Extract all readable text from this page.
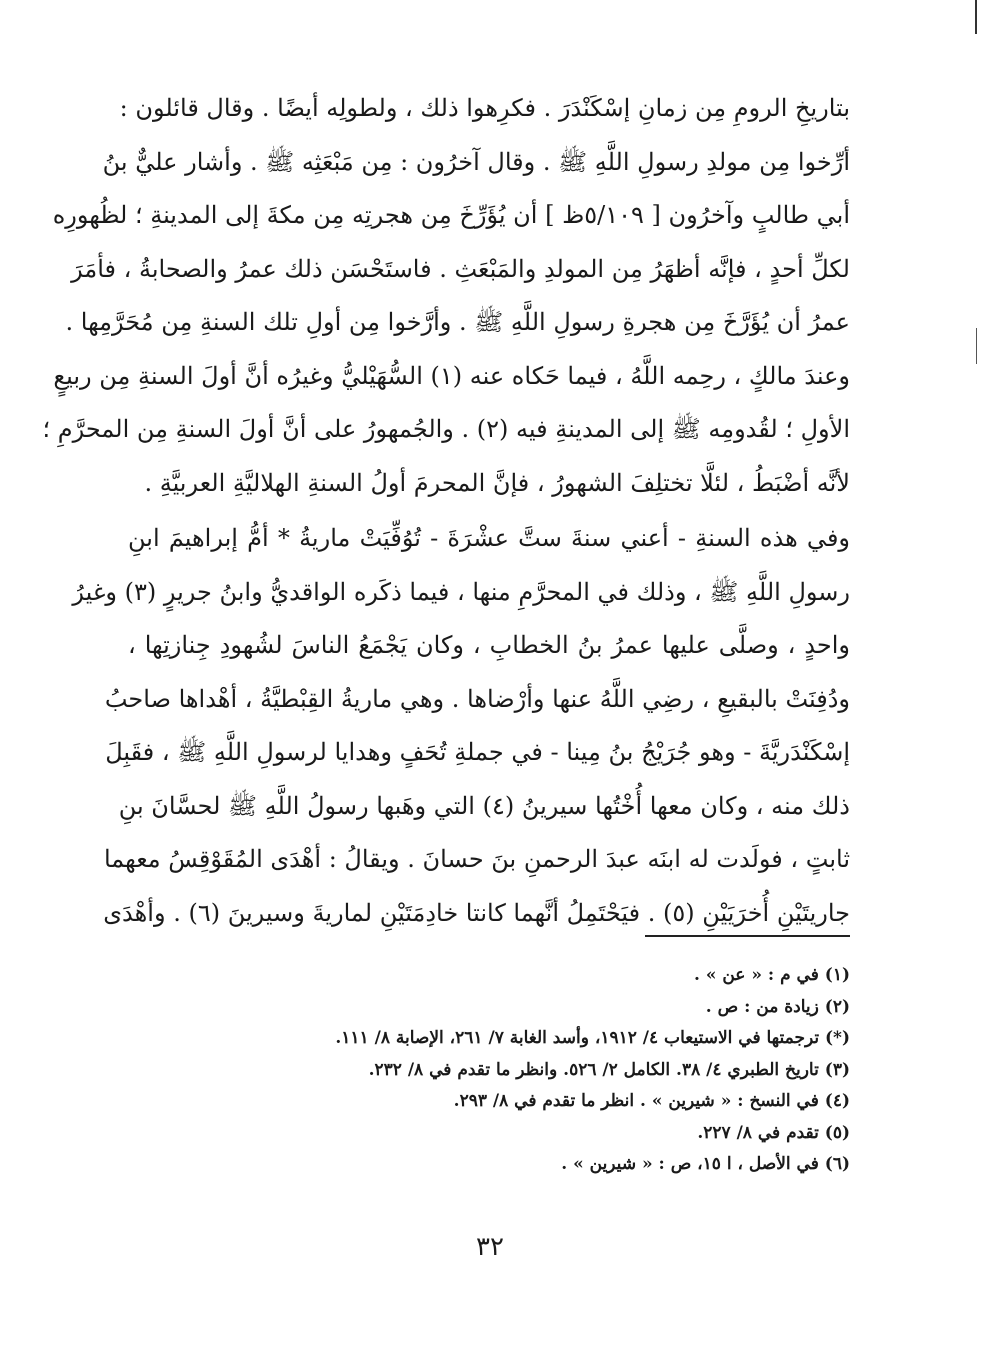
بتاريخِ الرومِ مِن زمانِ إسْكَنْدَرَ . فكرِهوا ذلك ، ولطولِه أيضًا . وقال قائلون :
أرِّخوا مِن مولدِ رسولِ اللَّهِ ﷺ . وقال آخرُون : مِن مَبْعَثِه ﷺ . وأشار عليٌّ بنُ
أبي طالبٍ وآخرُون [ ٥/١٠٩ظ ] أن يُؤَرِّخَ مِن هجرتِه مِن مكةَ إلى المدينةِ ؛ لظُهورِه
لكلِّ أحدٍ ، فإنَّه أظهَرُ مِن المولدِ والمَبْعَثِ . فاستَحْسَن ذلك عمرُ والصحابةُ ، فأمَرَ
عمرُ أن يُؤَرَّخَ مِن هجرةِ رسولِ اللَّهِ ﷺ . وأرَّخوا مِن أولِ تلك السنةِ مِن مُحَرَّمِها .
وعندَ مالكٍ ، رحِمه اللَّهُ ، فيما حَكاه عنه (١) السُّهَيْليُّ وغيرُه أنَّ أولَ السنةِ مِن ربيعٍ
الأولِ ؛ لقُدومِه ﷺ إلى المدينةِ فيه (٢) . والجُمهورُ على أنَّ أولَ السنةِ مِن المحرَّمِ ؛
لأنَّه أضْبَطُ ، لئلَّا تختلِفَ الشهورُ ، فإنَّ المحرمَ أولُ السنةِ الهلاليَّةِ العربيَّةِ .
وفي هذه السنةِ - أعني سنةَ ستَّ عشْرَةَ - تُوُفِّيَتْ ماريةُ * أمُّ إبراهيمَ ابنِ
رسولِ اللَّهِ ﷺ ، وذلك في المحرَّمِ منها ، فيما ذكَره الواقديُّ وابنُ جريرٍ (٣) وغيرُ
واحدٍ ، وصلَّى عليها عمرُ بنُ الخطابِ ، وكان يَجْمَعُ الناسَ لشُهودِ جِنازتِها ،
ودُفِنَتْ بالبقيعِ ، رضِي اللَّهُ عنها وأرْضاها . وهي ماريةُ القِبْطيَّةُ ، أهْداها صاحبُ
إسْكَنْدَريَّةَ - وهو جُرَيْجُ بنُ مِينا - في جملةِ تُحَفٍ وهدايا لرسولِ اللَّهِ ﷺ ، فقَبِلَ
ذلك منه ، وكان معها أُخْتُها سيرينُ (٤) التي وهَبها رسولُ اللَّهِ ﷺ لحسَّانَ بنِ
ثابتٍ ، فولَدت له ابنَه عبدَ الرحمنِ بنَ حسانَ . ويقالُ : أهْدَى المُقَوْقِسُ معهما
جاريتَيْنِ أُخرَيَيْنِ (٥) . فيَحْتَمِلُ أنَّهما كانتا خادِمَتَيْنِ لماريةَ وسيرينَ (٦) . وأهْدَى
(١) في م : « عن » .
(٢) زيادة من : ص .
(*) ترجمتها في الاستيعاب ٤/ ١٩١٢، وأسد الغابة ٧/ ٢٦١، الإصابة ٨/ ١١١.
(٣) تاريخ الطبري ٤/ ٣٨. الكامل ٢/ ٥٢٦. وانظر ما تقدم في ٨/ ٢٣٢.
(٤) في النسخ : « شيرين » . انظر ما تقدم في ٨/ ٢٩٣.
(٥) تقدم في ٨/ ٢٢٧.
(٦) في الأصل ، ا ١٥، ص : « شيرين » .
٣٢
